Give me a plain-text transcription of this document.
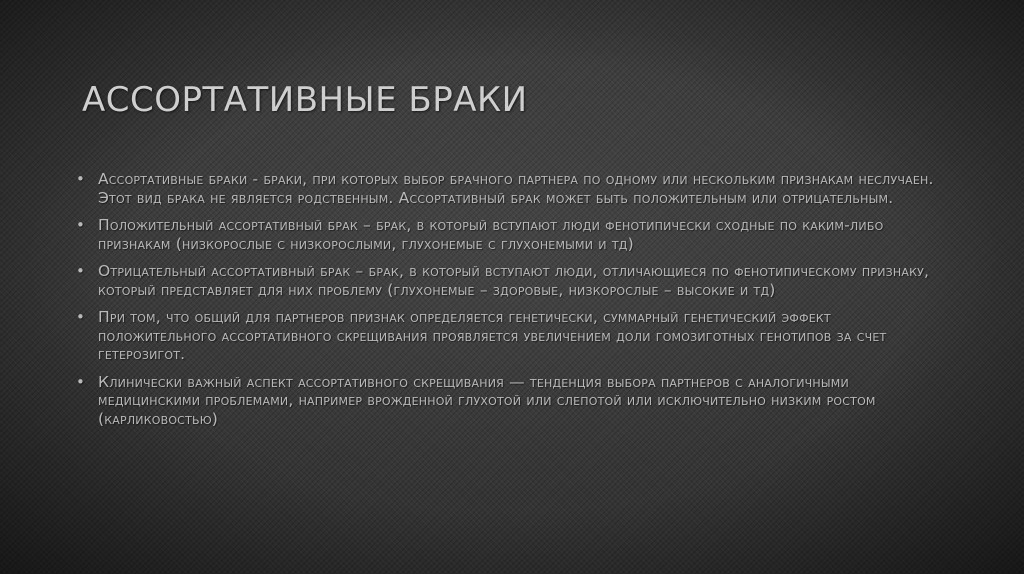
АССОРТАТИВНЫЕ БРАКИ
• Ассортативные браки - браки, при которых выбор брачного партнера по одному или нескольким признакам неслучаен. Этот вид брака не является родственным. Ассортативный брак может быть положительным или отрицательным.
• Положительный ассортативный брак – брак, в который вступают люди фенотипически сходные по каким-либо признакам (низкорослые с низкорослыми, глухонемые с глухонемыми и тд)
• Отрицательный ассортативный брак – брак, в который вступают люди, отличающиеся по фенотипическому признаку, который представляет для них проблему (глухонемые – здоровые, низкорослые – высокие и тд)
• При том, что общий для партнеров признак определяется генетически, суммарный генетический эффект положительного ассортативного скрещивания проявляется увеличением доли гомозиготных генотипов за счет гетерозигот.
• Клинически важный аспект ассортативного скрещивания — тенденция выбора партнеров с аналогичными медицинскими проблемами, например врожденной глухотой или слепотой или исключительно низким ростом (карликовостью)
